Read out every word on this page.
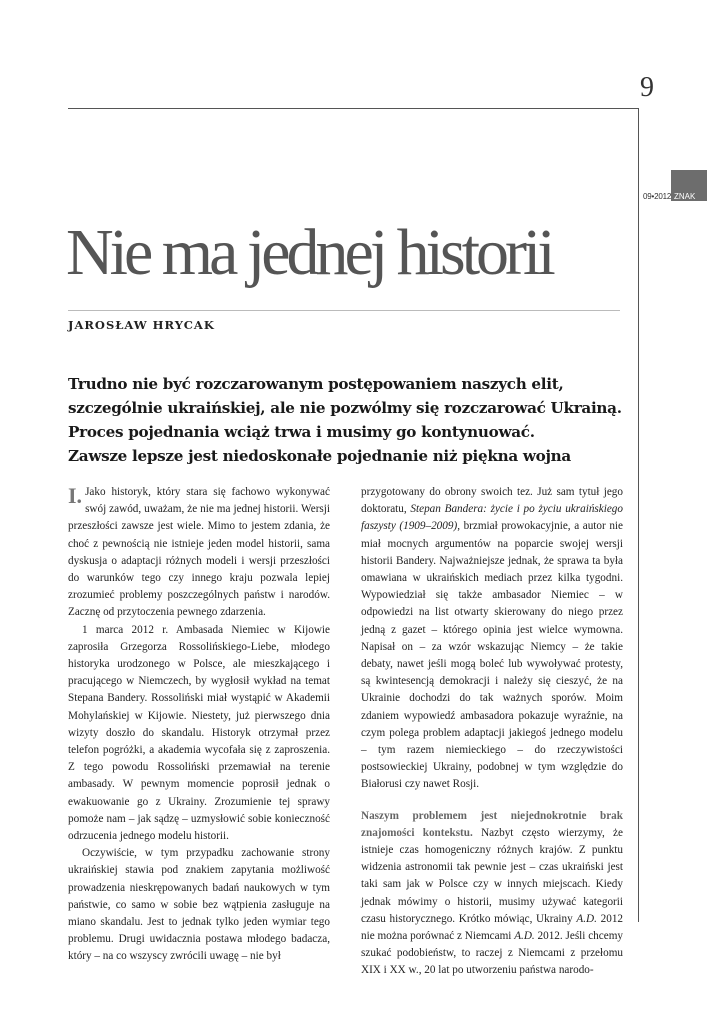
9
09•2012 ZNAK
Nie ma jednej historii
JAROSŁAW HRYCAK
Trudno nie być rozczarowanym postępowaniem naszych elit,
szczególnie ukraińskiej, ale nie pozwólmy się rozczarować Ukrainą.
Proces pojednania wciąż trwa i musimy go kontynuować.
Zawsze lepsze jest niedoskonałe pojednanie niż piękna wojna

I. Jako historyk, który stara się fachowo wykonywać swój zawód, uważam, że nie ma jednej historii. Wersji przeszłości zawsze jest wiele. Mimo to jestem zdania, że choć z pewnością nie istnieje jeden model historii, sama dyskusja o adaptacji różnych modeli i wersji przeszłości do warunków tego czy innego kraju pozwala lepiej zrozumieć problemy poszczególnych państw i narodów. Zacznę od przytoczenia pewnego zdarzenia.

1 marca 2012 r. Ambasada Niemiec w Kijowie zaprosiła Grzegorza Rossolińskiego-Liebe, młodego historyka urodzonego w Polsce, ale mieszkającego i pracującego w Niemczech, by wygłosił wykład na temat Stepana Bandery. Rossoliński miał wystąpić w Akademii Mohylańskiej w Kijowie. Niestety, już pierwszego dnia wizyty doszło do skandalu. Historyk otrzymał przez telefon pogróżki, a akademia wycofała się z zaproszenia. Z tego powodu Rossoliński przemawiał na terenie ambasady. W pewnym momencie poprosił jednak o ewakuowanie go z Ukrainy. Zrozumienie tej sprawy pomoże nam – jak sądzę – uzmysłowić sobie konieczność odrzucenia jednego modelu historii.

Oczywiście, w tym przypadku zachowanie strony ukraińskiej stawia pod znakiem zapytania możliwość prowadzenia nieskrępowanych badań naukowych w tym państwie, co samo w sobie bez wątpienia zasługuje na miano skandalu. Jest to jednak tylko jeden wymiar tego problemu. Drugi uwidacznia postawa młodego badacza, który – na co wszyscy zwrócili uwagę – nie był

przygotowany do obrony swoich tez. Już sam tytuł jego doktoratu, Stepan Bandera: życie i po życiu ukraińskiego faszysty (1909–2009), brzmiał prowokacyjnie, a autor nie miał mocnych argumentów na poparcie swojej wersji historii Bandery. Najważniejsze jednak, że sprawa ta była omawiana w ukraińskich mediach przez kilka tygodni. Wypowiedział się także ambasador Niemiec – w odpowiedzi na list otwarty skierowany do niego przez jedną z gazet – którego opinia jest wielce wymowna. Napisał on – za wzór wskazując Niemcy – że takie debaty, nawet jeśli mogą boleć lub wywoływać protesty, są kwintesencją demokracji i należy się cieszyć, że na Ukrainie dochodzi do tak ważnych sporów. Moim zdaniem wypowiedź ambasadora pokazuje wyraźnie, na czym polega problem adaptacji jakiegoś jednego modelu – tym razem niemieckiego – do rzeczywistości postsowieckiej Ukrainy, podobnej w tym względzie do Białorusi czy nawet Rosji.

Naszym problemem jest niejednokrotnie brak znajomości kontekstu. Nazbyt często wierzymy, że istnieje czas homogeniczny różnych krajów. Z punktu widzenia astronomii tak pewnie jest – czas ukraiński jest taki sam jak w Polsce czy w innych miejscach. Kiedy jednak mówimy o historii, musimy używać kategorii czasu historycznego. Krótko mówiąc, Ukrainy A.D. 2012 nie można porównać z Niemcami A.D. 2012. Jeśli chcemy szukać podobieństw, to raczej z Niemcami z przełomu XIX i XX w., 20 lat po utworzeniu państwa narodo-
